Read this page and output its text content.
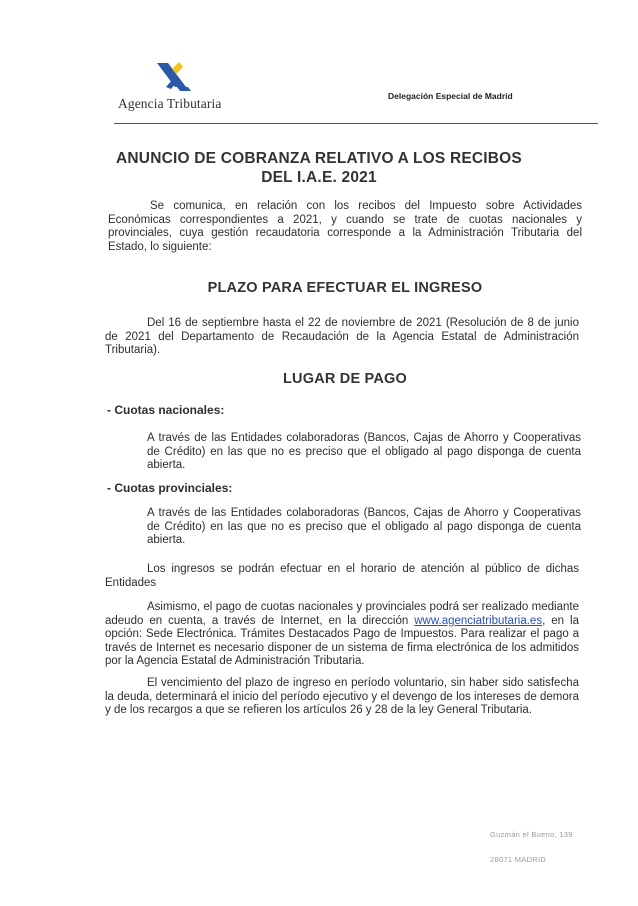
Agencia Tributaria	Delegación Especial de Madrid
ANUNCIO DE COBRANZA RELATIVO A LOS RECIBOS
DEL I.A.E. 2021
Se comunica, en relación con los recibos del Impuesto sobre Actividades Económicas correspondientes a 2021, y cuando se trate de cuotas nacionales y provinciales, cuya gestión recaudatoria corresponde a la Administración Tributaria del Estado, lo siguiente:
PLAZO PARA EFECTUAR EL INGRESO
Del 16 de septiembre hasta el 22 de noviembre de 2021 (Resolución de 8 de junio de 2021 del Departamento de Recaudación de la Agencia Estatal de Administración Tributaria).
LUGAR DE PAGO
- Cuotas nacionales:
A través de las Entidades colaboradoras (Bancos, Cajas de Ahorro y Cooperativas de Crédito) en las que no es preciso que el obligado al pago disponga de cuenta abierta.
- Cuotas provinciales:
A través de las Entidades colaboradoras (Bancos, Cajas de Ahorro y Cooperativas de Crédito) en las que no es preciso que el obligado al pago disponga de cuenta abierta.
Los ingresos se podrán efectuar en el horario de atención al público de dichas Entidades
Asimismo, el pago de cuotas nacionales y provinciales podrá ser realizado mediante adeudo en cuenta, a través de Internet, en la dirección www.agenciatributaria.es, en la opción: Sede Electrónica. Trámites Destacados Pago de Impuestos. Para realizar el pago a través de Internet es necesario disponer de un sistema de firma electrónica de los admitidos por la Agencia Estatal de Administración Tributaria.
El vencimiento del plazo de ingreso en período voluntario, sin haber sido satisfecha la deuda, determinará el inicio del período ejecutivo y el devengo de los intereses de demora y de los recargos a que se refieren los artículos 26 y 28 de la ley General Tributaria.
Guzmán el Bueno, 139
28071 MADRID
